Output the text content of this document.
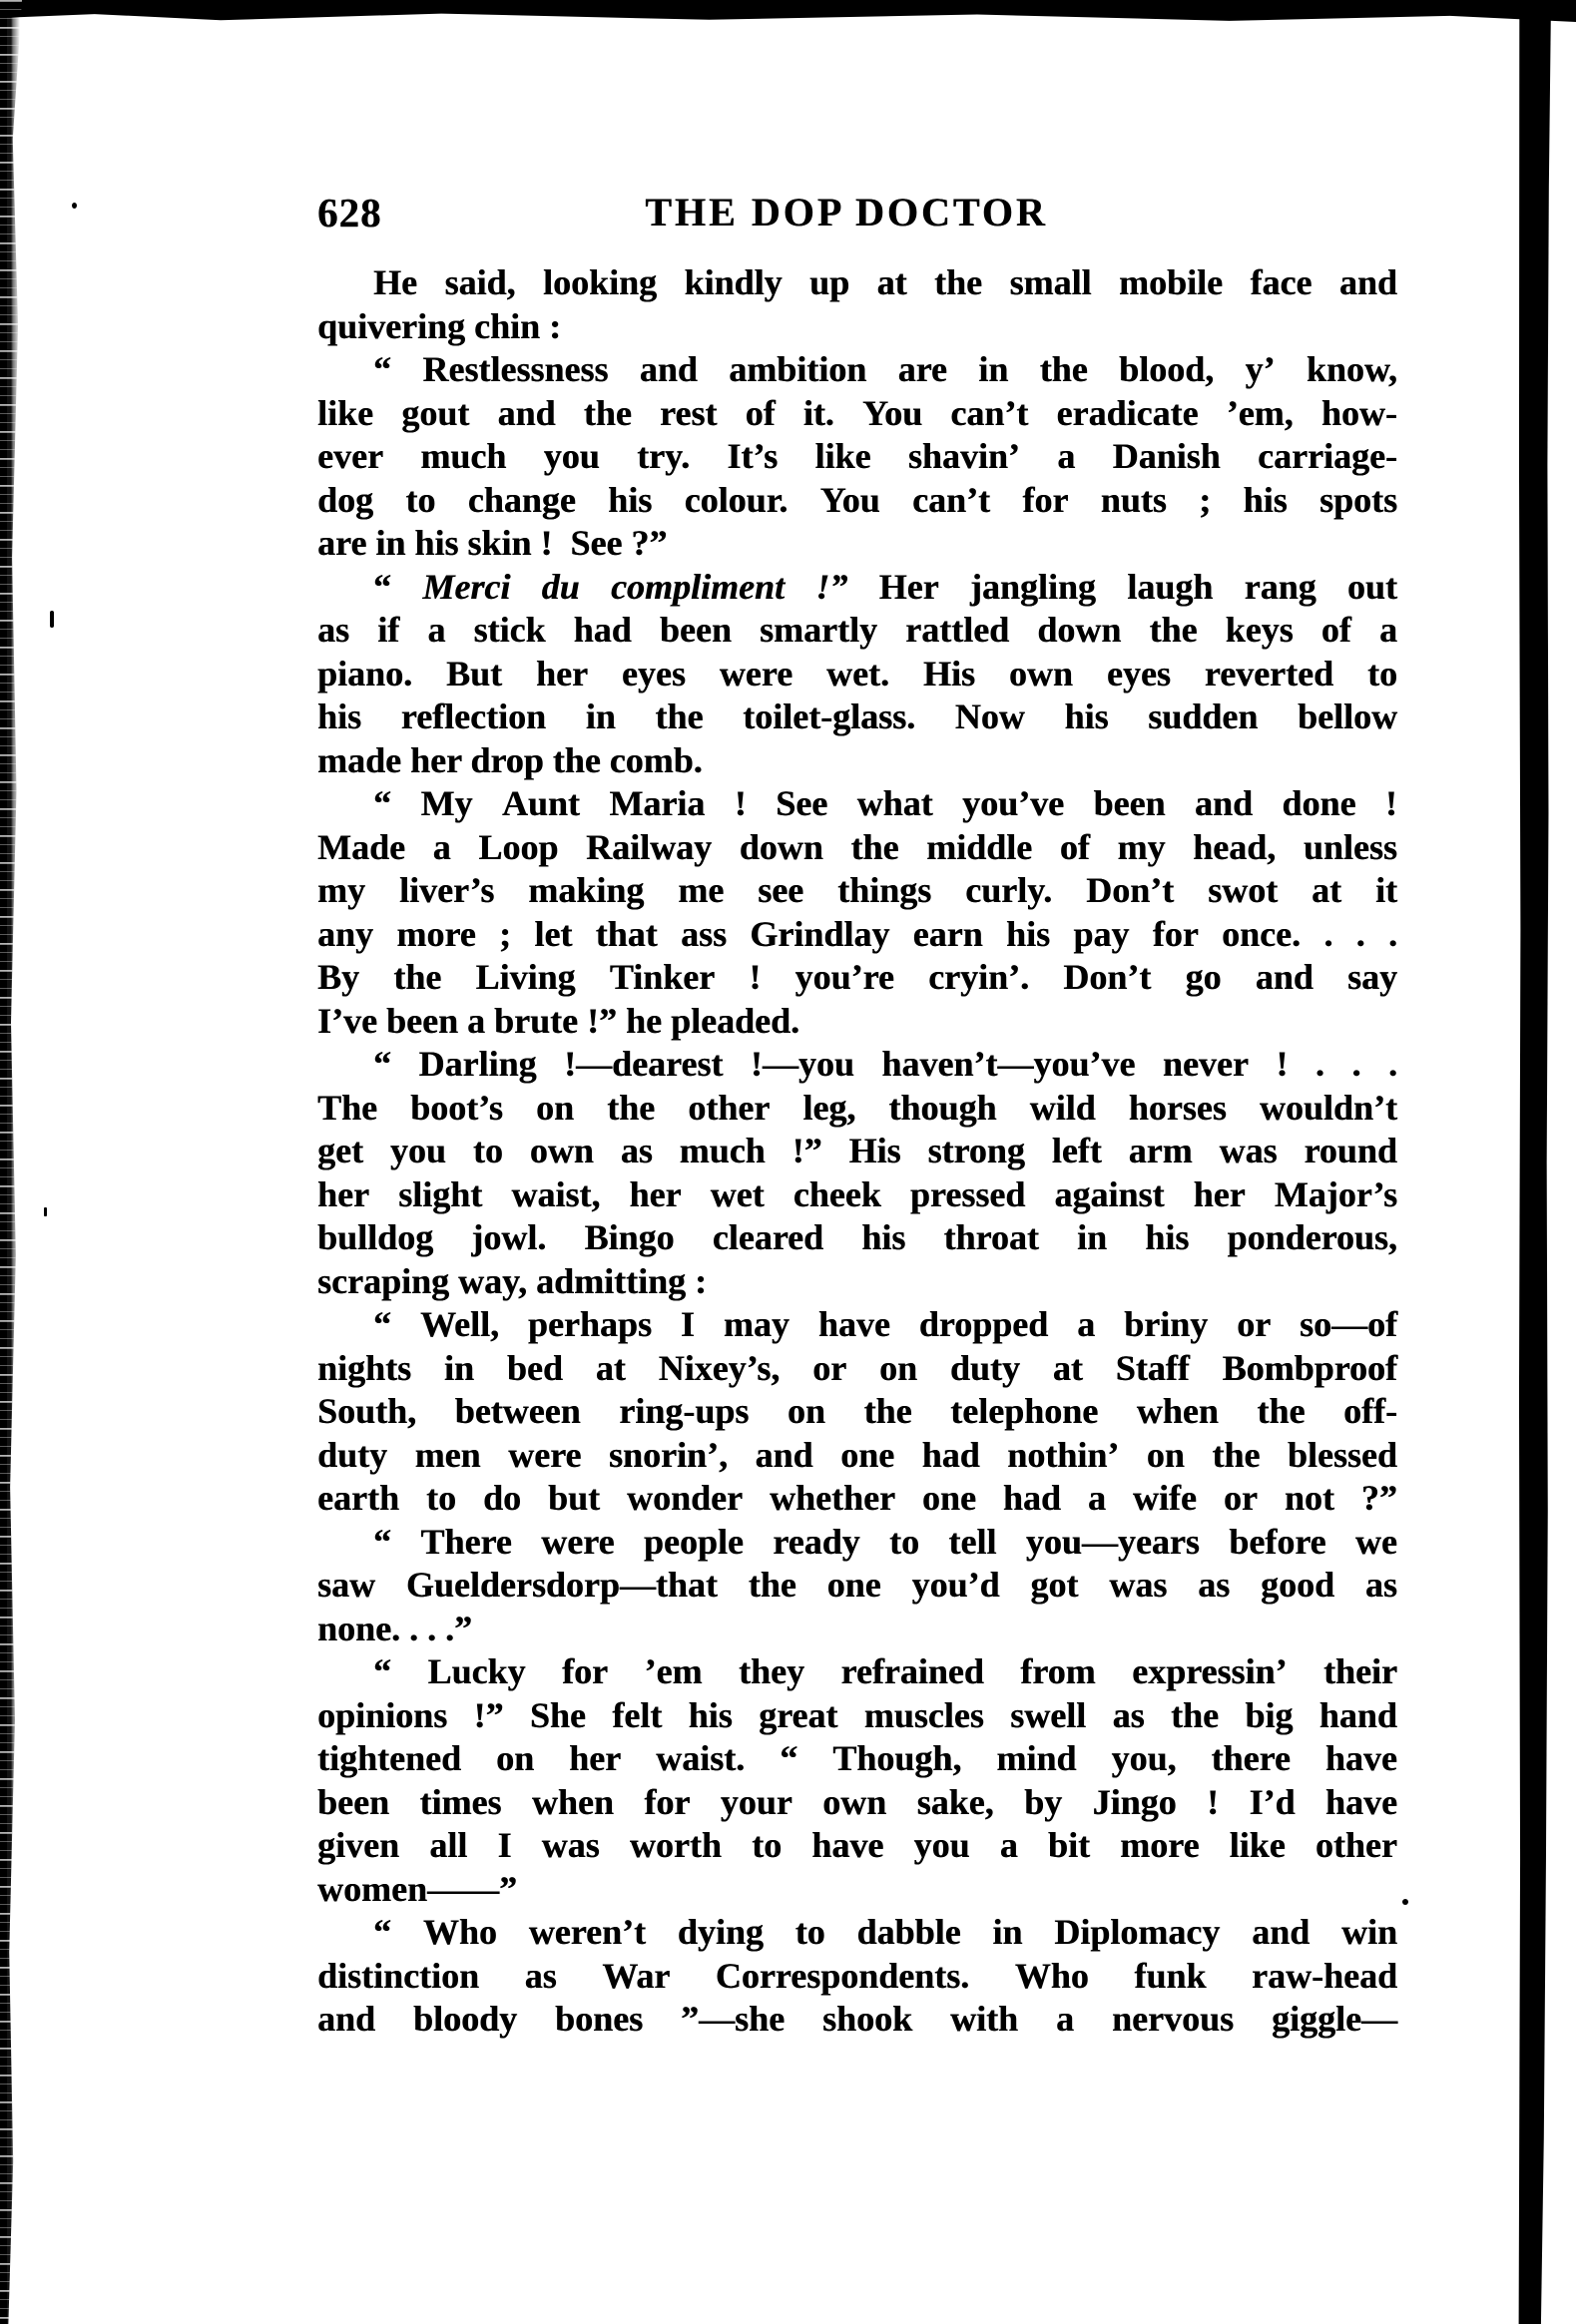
628	THE DOP DOCTOR
He said, looking kindly up at the small mobile face and
quivering chin :
“ Restlessness and ambition are in the blood, y’ know,
like gout and the rest of it. You can’t eradicate ’em, how-
ever much you try. It’s like shavin’ a Danish carriage-
dog to change his colour. You can’t for nuts ; his spots
are in his skin !  See ?”
“ Merci du compliment !” Her jangling laugh rang out
as if a stick had been smartly rattled down the keys of a
piano. But her eyes were wet. His own eyes reverted to
his reflection in the toilet-glass. Now his sudden bellow
made her drop the comb.
“ My Aunt Maria ! See what you’ve been and done !
Made a Loop Railway down the middle of my head, unless
my liver’s making me see things curly. Don’t swot at it
any more ; let that ass Grindlay earn his pay for once. . . .
By the Living Tinker ! you’re cryin’. Don’t go and say
I’ve been a brute !” he pleaded.
“ Darling !—dearest !—you haven’t—you’ve never ! . . .
The boot’s on the other leg, though wild horses wouldn’t
get you to own as much !” His strong left arm was round
her slight waist, her wet cheek pressed against her Major’s
bulldog jowl. Bingo cleared his throat in his ponderous,
scraping way, admitting :
“ Well, perhaps I may have dropped a briny or so—of
nights in bed at Nixey’s, or on duty at Staff Bombproof
South, between ring-ups on the telephone when the off-
duty men were snorin’, and one had nothin’ on the blessed
earth to do but wonder whether one had a wife or not ?”
“ There were people ready to tell you—years before we
saw Gueldersdorp—that the one you’d got was as good as
none. . . .”
“ Lucky for ’em they refrained from expressin’ their
opinions !” She felt his great muscles swell as the big hand
tightened on her waist. “ Though, mind you, there have
been times when for your own sake, by Jingo ! I’d have
given all I was worth to have you a bit more like other
women——”
“ Who weren’t dying to dabble in Diplomacy and win
distinction as War Correspondents. Who funk raw-head
and bloody bones ”—she shook with a nervous giggle—
